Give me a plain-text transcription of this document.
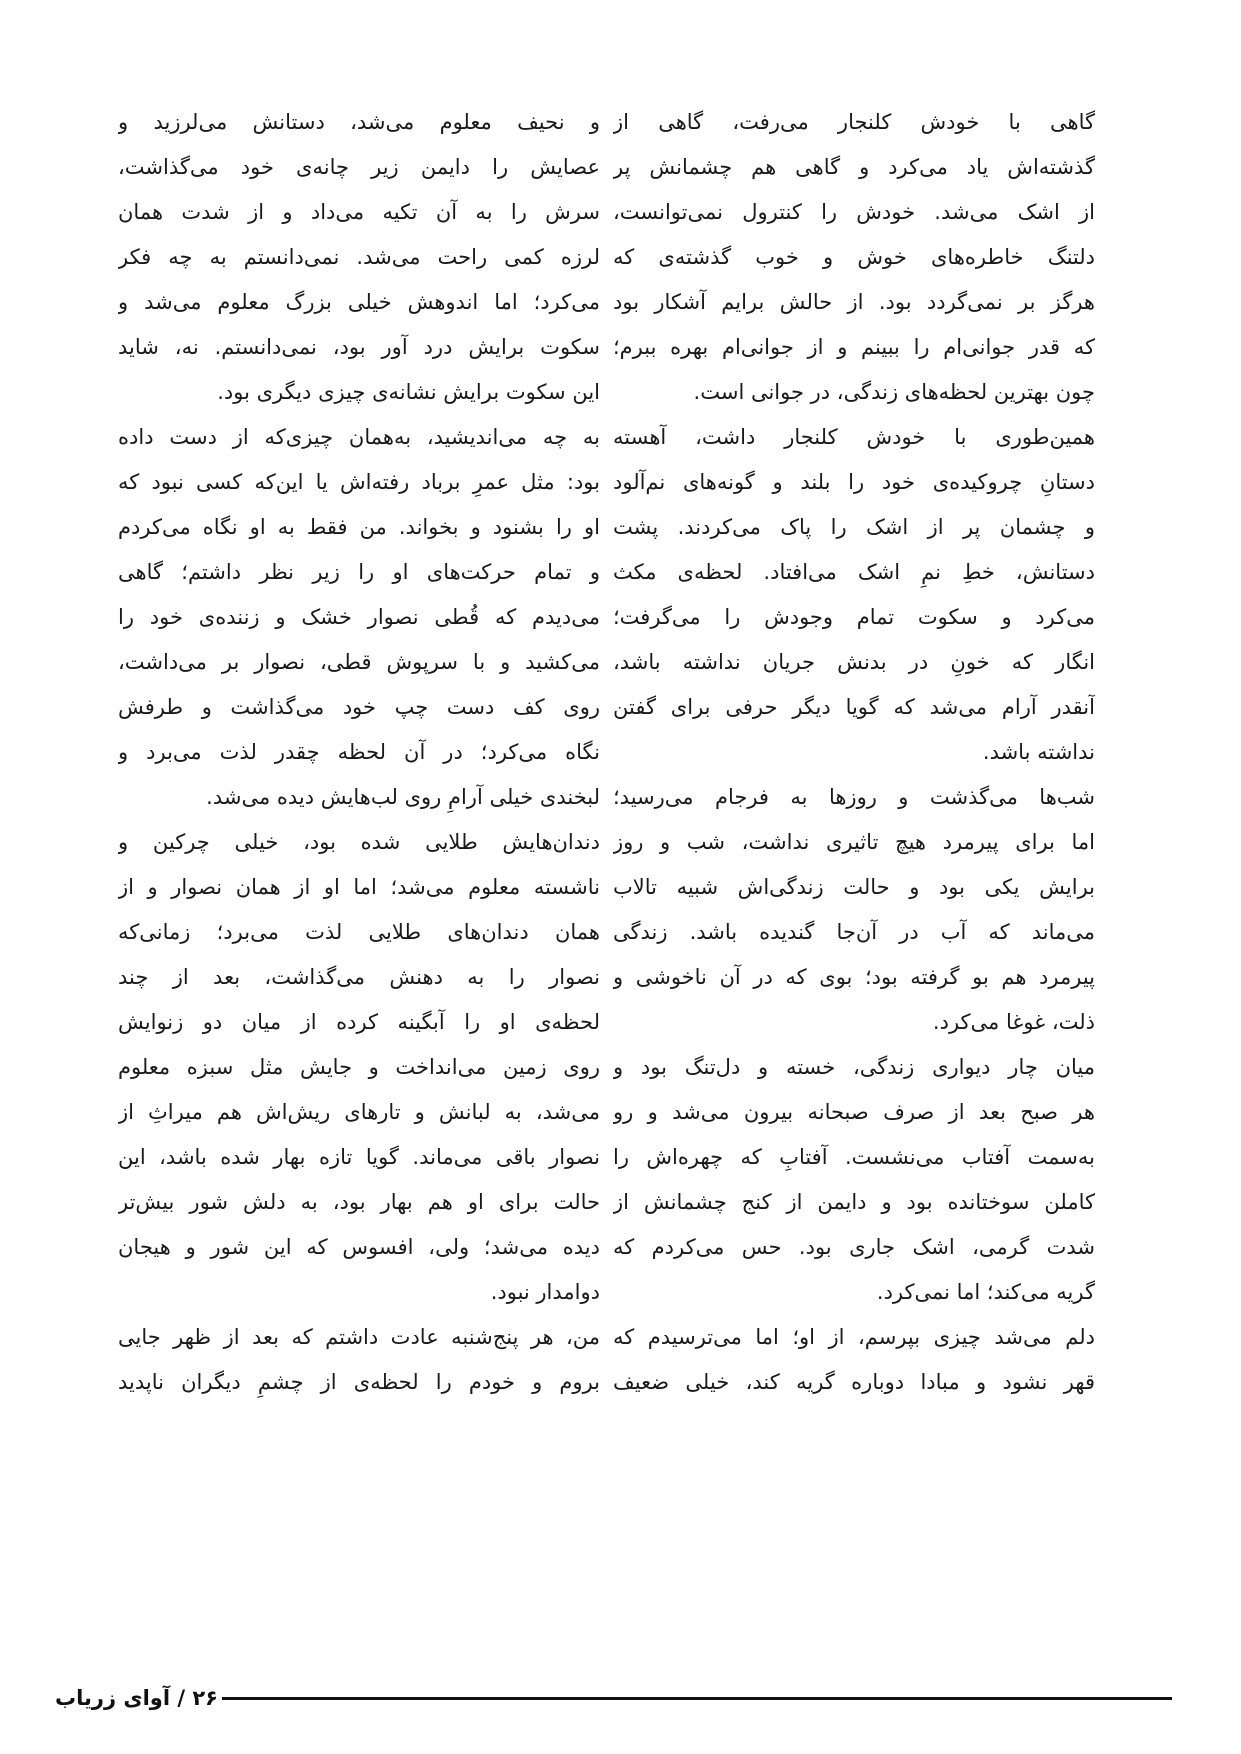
گاهی با خودش کلنجار می‌رفت، گاهی از
گذشته‌اش یاد می‌کرد و گاهی هم چشمانش پر
از اشک می‌شد. خودش را کنترول نمی‌توانست،
دلتنگ خاطره‌های خوش و خوب گذشته‌ی که
هرگز بر نمی‌گردد بود. از حالش برایم آشکار بود
که قدر جوانی‌ام را ببینم و از جوانی‌ام بهره ببرم؛
چون بهترین لحظه‌های زندگی، در جوانی است.
همین‌طوری با خودش کلنجار داشت، آهسته
دستانِ چروکیده‌ی خود را بلند و گونه‌های نم‌آلود
و چشمان پر از اشک را پاک می‌کردند. پشت
دستانش، خطِ نمِ اشک می‌افتاد. لحظه‌ی مکث
می‌کرد و سکوت تمام وجودش را می‌گرفت؛
انگار که خونِ در بدنش جریان نداشته باشد،
آنقدر آرام می‌شد که گویا دیگر حرفی برای گفتن
نداشته باشد.
شب‌ها می‌گذشت و روزها به فرجام می‌رسید؛
اما برای پیرمرد هیچ تاثیری نداشت، شب و روز
برایش یکی بود و حالت زندگی‌اش شبیه تالاب
می‌ماند که آب در آن‌جا گندیده باشد. زندگی
پیرمرد هم بو گرفته بود؛ بوی که در آن ناخوشی و
ذلت، غوغا می‌کرد.
میان چار دیواری زندگی، خسته و دل‌تنگ بود و
هر صبح بعد از صرف صبحانه بیرون می‌شد و رو
به‌سمت آفتاب می‌نشست. آفتابِ که چهره‌اش را
کاملن سوختانده بود و دایمن از کنج چشمانش از
شدت گرمی، اشک جاری بود. حس می‌کردم که
گریه می‌کند؛ اما نمی‌کرد.
دلم می‌شد چیزی بپرسم، از او؛ اما می‌ترسیدم که
قهر نشود و مبادا دوباره گریه کند، خیلی ضعیف
و نحیف معلوم می‌شد، دستانش می‌لرزید و
عصایش را دایمن زیر چانه‌ی خود می‌گذاشت،
سرش را به آن تکیه می‌داد و از شدت همان
لرزه کمی راحت می‌شد. نمی‌دانستم به چه فکر
می‌کرد؛ اما اندوهش خیلی بزرگ معلوم می‌شد و
سکوت برایش درد آور بود، نمی‌دانستم. نه، شاید
این سکوت برایش نشانه‌ی چیزی دیگری بود.
به چه می‌اندیشید، به‌همان چیزی‌که از دست داده
بود: مثل عمرِ برباد رفته‌اش یا این‌که کسی نبود که
او را بشنود و بخواند. من فقط به او نگاه می‌کردم
و تمام حرکت‌های او را زیر نظر داشتم؛ گاهی
می‌دیدم که قُطی نصوار خشک و زننده‌ی خود را
می‌کشید و با سرپوش قطی، نصوار بر می‌داشت،
روی کف دست چپ خود می‌گذاشت و طرفش
نگاه می‌کرد؛ در آن لحظه چقدر لذت می‌برد و
لبخندی خیلی آرامِ روی لب‌هایش دیده می‌شد.
دندان‌هایش طلایی شده بود، خیلی چرکین و
ناشسته معلوم می‌شد؛ اما او از همان نصوار و از
همان دندان‌های طلایی لذت می‌برد؛ زمانی‌که
نصوار را به دهنش می‌گذاشت، بعد از چند
لحظه‌ی او را آبگینه کرده از میان دو زنوایش
روی زمین می‌انداخت و جایش مثل سبزه معلوم
می‌شد، به لبانش و تارهای ریش‌اش هم میراثِ از
نصوار باقی می‌ماند. گویا تازه بهار شده باشد، این
حالت برای او هم بهار بود، به دلش شور بیش‌تر
دیده می‌شد؛ ولی، افسوس که این شور و هیجان
دوامدار نبود.
من، هر پنج‌شنبه عادت داشتم که بعد از ظهر جایی
بروم و خودم را لحظه‌ی از چشمِ دیگران ناپدید
۲۶ / آوای زریاب
